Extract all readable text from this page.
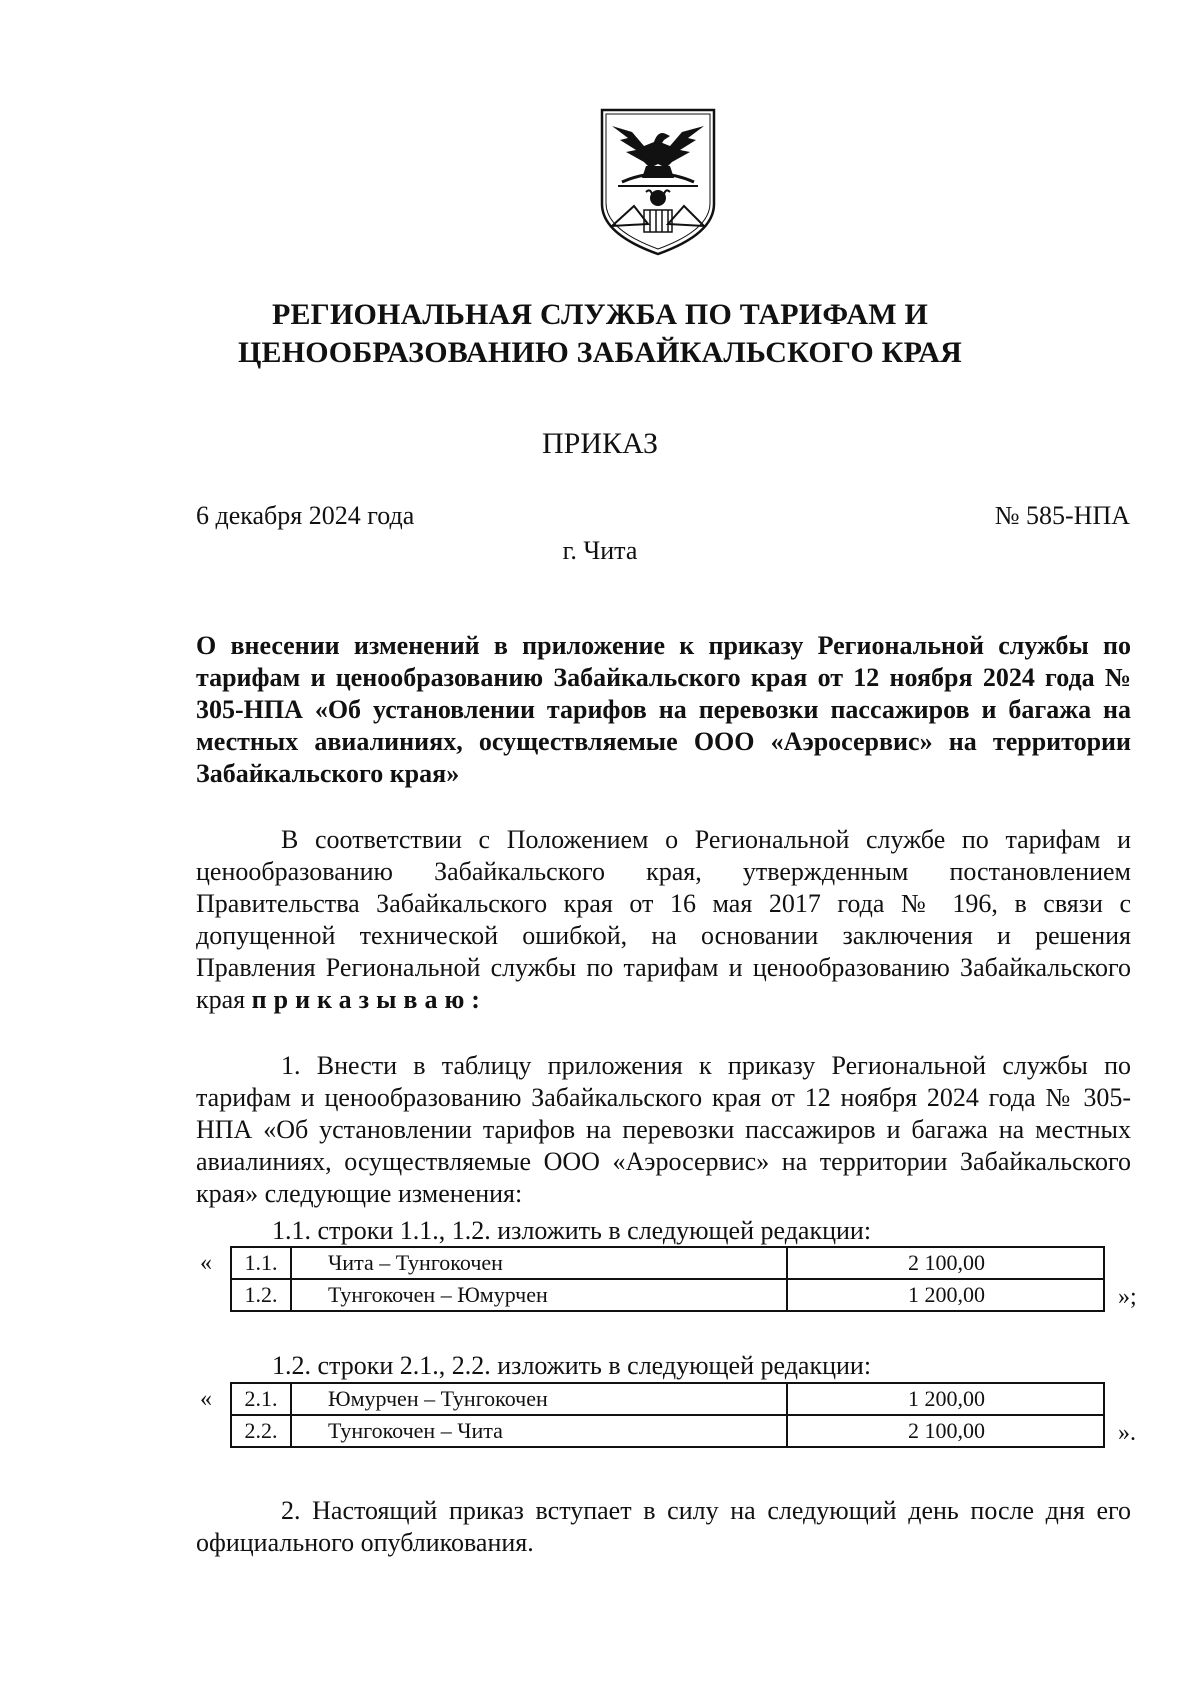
РЕГИОНАЛЬНАЯ СЛУЖБА ПО ТАРИФАМ И
ЦЕНООБРАЗОВАНИЮ ЗАБАЙКАЛЬСКОГО КРАЯ
ПРИКАЗ
6 декабря 2024 года	№ 585-НПА
г. Чита
О внесении изменений в приложение к приказу Региональной службы по тарифам и ценообразованию Забайкальского края от 12 ноября 2024 года № 305-НПА «Об установлении тарифов на перевозки пассажиров и багажа на местных авиалиниях, осуществляемые ООО «Аэросервис» на территории Забайкальского края»
В соответствии с Положением о Региональной службе по тарифам и ценообразованию Забайкальского края, утвержденным постановлением Правительства Забайкальского края от 16 мая 2017 года № 196, в связи с допущенной технической ошибкой, на основании заключения и решения Правления Региональной службы по тарифам и ценообразованию Забайкальского края приказываю:
1. Внести в таблицу приложения к приказу Региональной службы по тарифам и ценообразованию Забайкальского края от 12 ноября 2024 года № 305-НПА «Об установлении тарифов на перевозки пассажиров и багажа на местных авиалиниях, осуществляемые ООО «Аэросервис» на территории Забайкальского края» следующие изменения:
1.1. строки 1.1., 1.2. изложить в следующей редакции:
« 1.1.	Чита – Тунгокочен	2 100,00
1.2.	Тунгокочен – Юмурчен	1 200,00	»;
1.2. строки 2.1., 2.2. изложить в следующей редакции:
« 2.1.	Юмурчен – Тунгокочен	1 200,00
2.2.	Тунгокочен – Чита	2 100,00	».
2. Настоящий приказ вступает в силу на следующий день после дня его официального опубликования.
